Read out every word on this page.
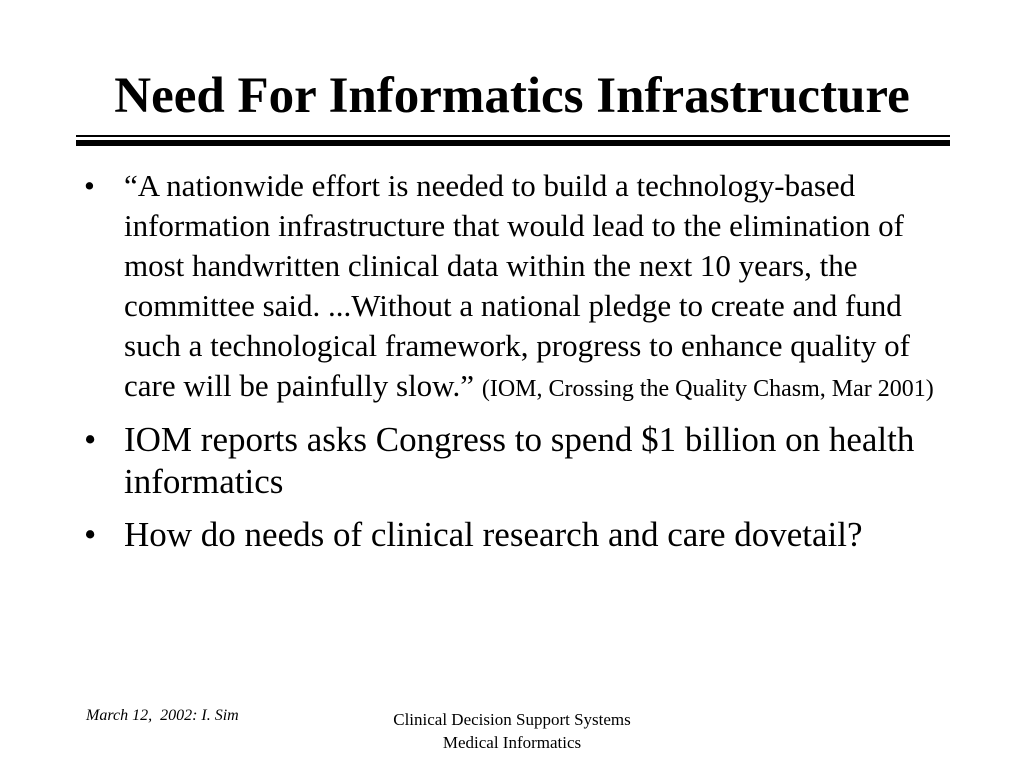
Need For Informatics Infrastructure
• “A nationwide effort is needed to build a technology-based information infrastructure that would lead to the elimination of most handwritten clinical data within the next 10 years, the committee said. ...Without a national pledge to create and fund such a technological framework, progress to enhance quality of care will be painfully slow.” (IOM, Crossing the Quality Chasm, Mar 2001)
• IOM reports asks Congress to spend $1 billion on health informatics
• How do needs of clinical research and care dovetail?
March 12,  2002: I. Sim	Clinical Decision Support Systems
Medical Informatics
